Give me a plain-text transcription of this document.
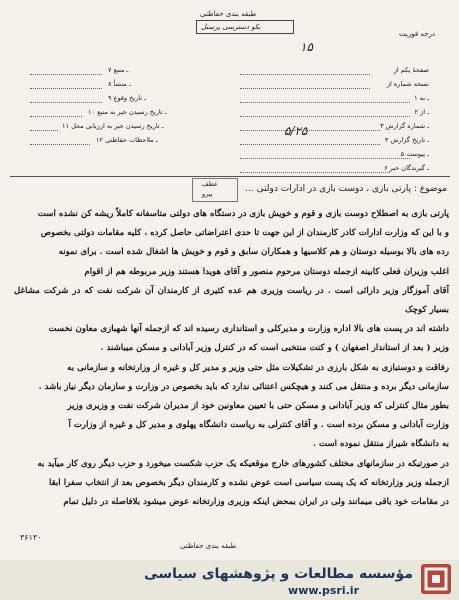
طبقه بندی حفاظتی
بکو دسترسی پرسنل
درجه فوریت
۱۵
۵/۲۵
۷ ـ منبع
۸ ـ منشأ
۹ ـ تاریخ وقوع
۱۰ ـ تاریخ رسیدن خبر به منبع
۱۱ ـ تاریخ رسیدن خبر به ارزیابی محل
۱۲ ـ ملاحظات حفاظتی
صفحهٔ یکم از
نسخه شماره از
۱ ـ به
۲ ـ از
۳ ـ شماره گزارش
۴ ـ تاریخ گزارش
۵ ـ پیوست
۶ ـ گیرندگان خبر
عطف
پیرو	موضوع : پارتی بازی ، دوست بازی در ادارات دولتی ...

پارتی بازی به اصطلاح دوست بازی و قوم و خویش بازی در دستگاه های دولتی متاسفانه کاملاً ریشه کن نشده است

و با این که وزارت ادارات کادر کارمندان از این جهت تا حدی اعتراضاتی حاصل کرده ، کلیه مقامات دولتی بخصوص

رده های بالا بوسیله دوستان و هم کلاسیها و همکاران سابق و قوم و خویش ها اشغال شده است . برای نمونه

اغلب وزیران فعلی کابینه ازجمله دوستان مرحوم منصور و آقای هویدا هستند وزیر مربوطه هم از اقوام

آقای آموزگار وزیر دارائی است . در ریاست وزیری هم عده کثیری از کارمندان آن شرکت نفت که در شرکت مشاغل بسیار کوچک

داشته اند در پست های بالا اداره وزارت و مدیرکلی و استانداری رسیده اند که ازجمله آنها شهبازی معاون نخست

وزیر ( بعد از استاندار اصفهان ) و کنت منتخبی است که در کنترل وزیر آبادانی و مسکن میباشند .

رفاقت و دوستبازی به شکل بارزی در تشکیلات مثل حتی وزیر و مدیر کل و غیره از وزارتخانه و سازمانی به

سازمانی دیگر برده و منتقل می کنند و هیچکس اعتنائی ندارد که باید بخصوص در وزارت و سازمان دیگر نیاز باشد .

بطور مثال کنترلی که وزیر آبادانی و مسکن حتی با تعیین معاونین خود از مدیران شرکت نفت و وزیری وزیر

وزارت آبادانی و مسکن برده است . و آقای کنترلی به ریاست دانشگاه پهلوی و مدیر کل و غیره از وزارت آ

به دانشگاه شیراز منتقل نموده است .

در صورتیکه در سازمانهای مختلف کشورهای خارج موقعیکه یک حزب شکست میخورد و حزب دیگر روی کار میآید به

ازجمله وزیر وزارتخانه که یک پست سیاسی است عوض نشده و کارمندان دیگر بخصوص بعد از انتخاب سفرا ابقا

در مقامات خود باقی میمانند ولی در ایران بمحض اینکه وزیری وزارتخانه عوض میشود بلافاصله در دلیل تمام

۳۶۱۳۰
طبقه بندی حفاظتی
مؤسسه مطالعات و پژوهشهای سیاسی
www.psri.ir
